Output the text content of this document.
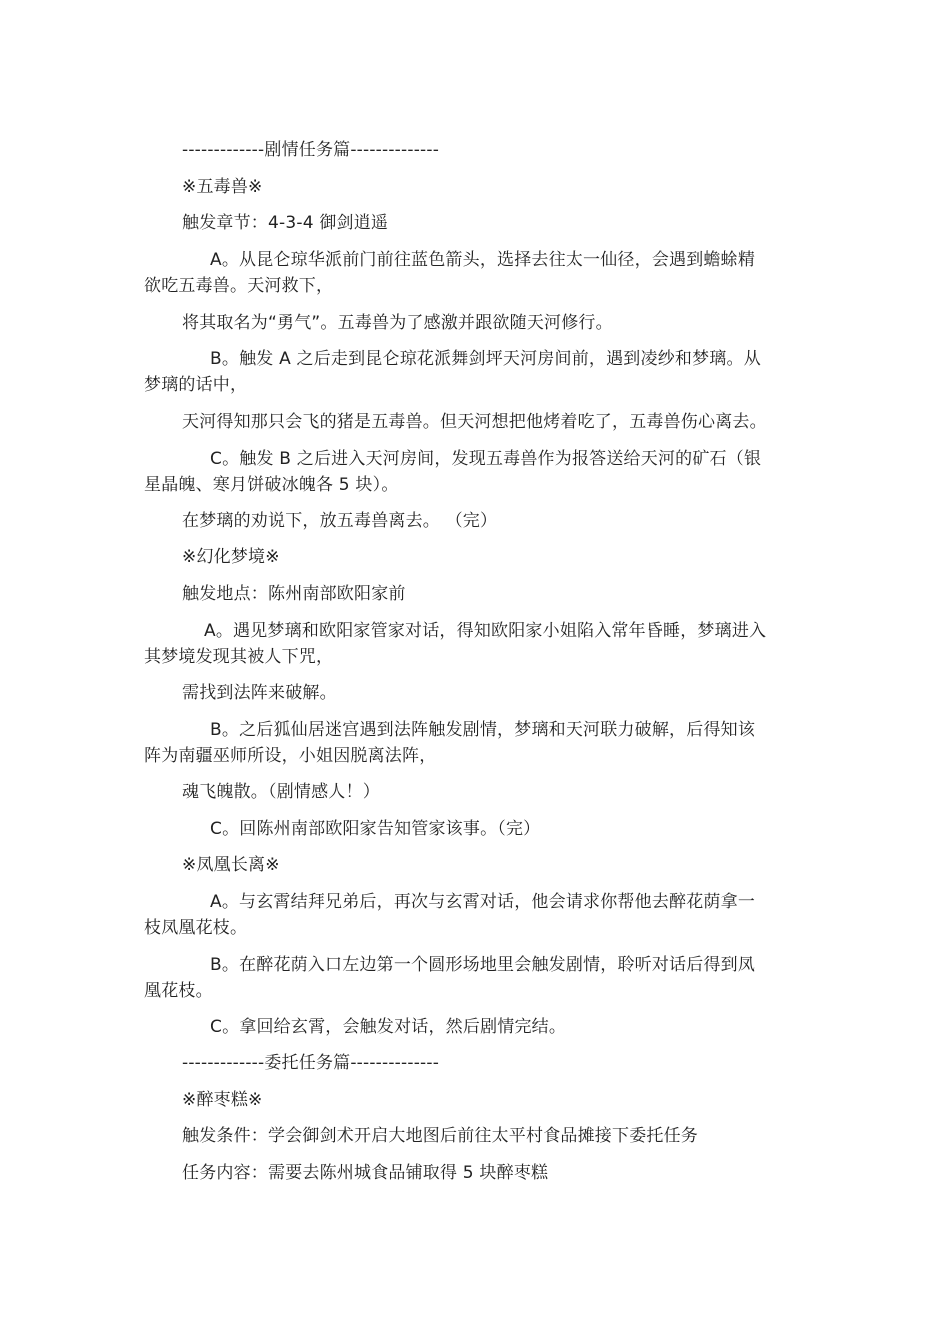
-------------剧情任务篇--------------
※五毒兽※
触发章节：4-3-4 御剑逍遥
A。从昆仑琼华派前门前往蓝色箭头，选择去往太一仙径，会遇到蟾蜍精
欲吃五毒兽。天河救下，
将其取名为“勇气”。五毒兽为了感激并跟欲随天河修行。
B。触发 A 之后走到昆仑琼花派舞剑坪天河房间前，遇到凌纱和梦璃。从
梦璃的话中，
天河得知那只会飞的猪是五毒兽。但天河想把他烤着吃了，五毒兽伤心离去。
C。触发 B 之后进入天河房间，发现五毒兽作为报答送给天河的矿石（银
星晶魄、寒月饼破冰魄各 5 块）。
在梦璃的劝说下，放五毒兽离去。 （完）
※幻化梦境※
触发地点：陈州南部欧阳家前
A。遇见梦璃和欧阳家管家对话，得知欧阳家小姐陷入常年昏睡，梦璃进入
其梦境发现其被人下咒，
需找到法阵来破解。
B。之后狐仙居迷宫遇到法阵触发剧情，梦璃和天河联力破解，后得知该
阵为南疆巫师所设，小姐因脱离法阵，
魂飞魄散。（剧情感人！）
C。回陈州南部欧阳家告知管家该事。（完）
※凤凰长离※
A。与玄霄结拜兄弟后，再次与玄霄对话，他会请求你帮他去醉花荫拿一
枝凤凰花枝。
B。在醉花荫入口左边第一个圆形场地里会触发剧情，聆听对话后得到凤
凰花枝。
C。拿回给玄霄，会触发对话，然后剧情完结。
-------------委托任务篇--------------
※醉枣糕※
触发条件：学会御剑术开启大地图后前往太平村食品摊接下委托任务
任务内容：需要去陈州城食品铺取得 5 块醉枣糕
